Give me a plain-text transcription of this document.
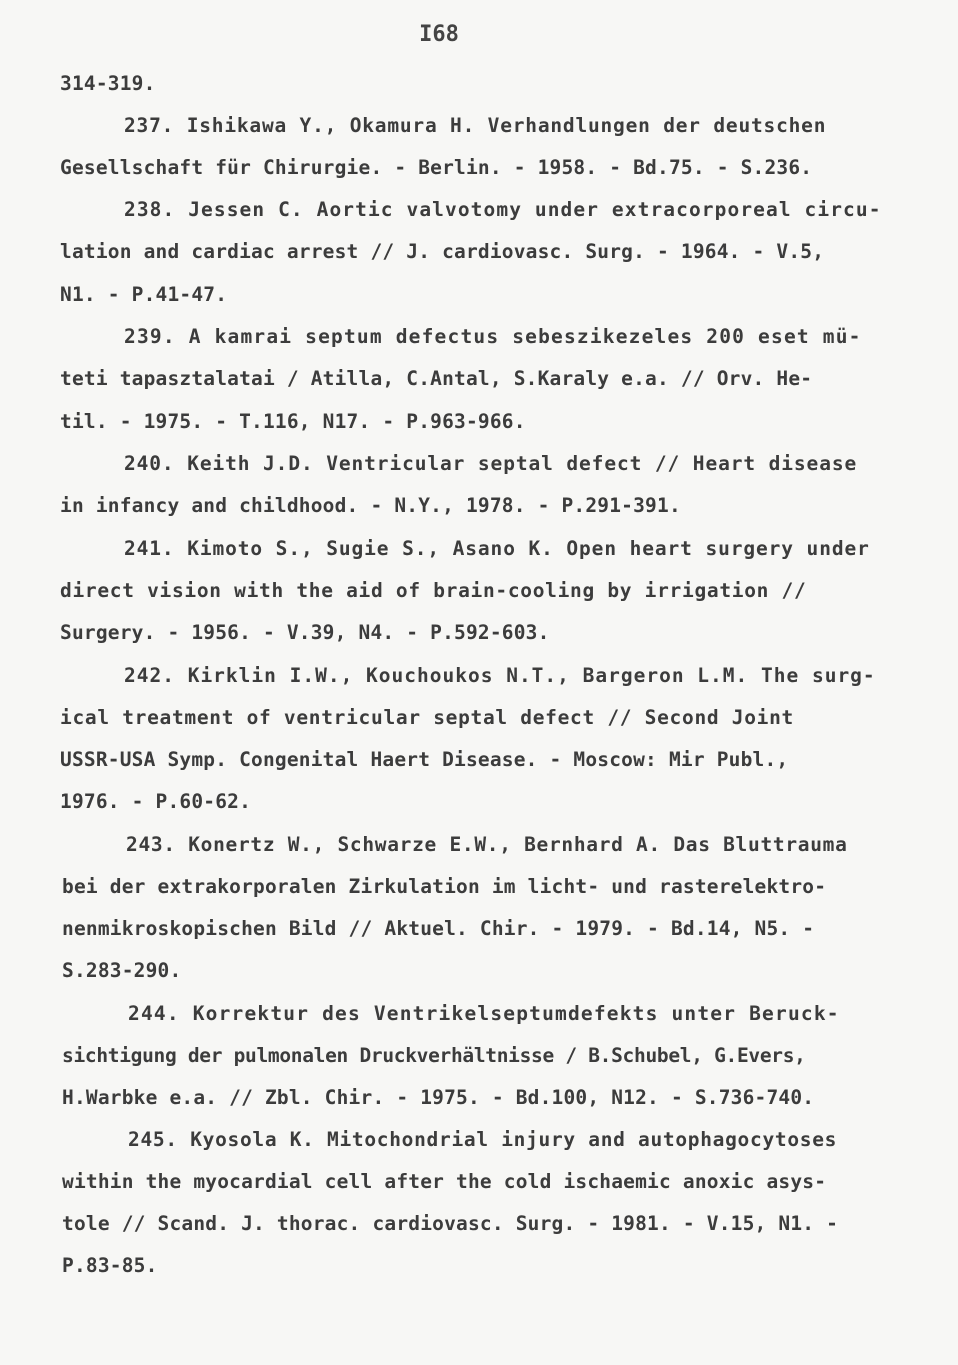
I68
314-319.
237. Ishikawa Y., Okamura H. Verhandlungen der deutschen
Gesellschaft für Chirurgie. - Berlin. - 1958. - Bd.75. - S.236.
238. Jessen C. Aortic valvotomy under extracorporeal circu-
lation and cardiac arrest // J. cardiovasc. Surg. - 1964. - V.5,
N1. - P.41-47.
239. A kamrai septum defectus sebeszikezeles 200 eset mü-
teti tapasztalatai / Atilla, C.Antal, S.Karaly e.a. // Orv. He-
til. - 1975. - T.116, N17. - P.963-966.
240. Keith J.D. Ventricular septal defect // Heart disease
in infancy and childhood. - N.Y., 1978. - P.291-391.
241. Kimoto S., Sugie S., Asano K. Open heart surgery under
direct vision with the aid of brain-cooling by irrigation //
Surgery. - 1956. - V.39, N4. - P.592-603.
242. Kirklin I.W., Kouchoukos N.T., Bargeron L.M. The surg-
ical treatment of ventricular septal defect // Second Joint
USSR-USA Symp. Congenital Haert Disease. - Moscow: Mir Publ.,
1976. - P.60-62.
243. Konertz W., Schwarze E.W., Bernhard A. Das Bluttrauma
bei der extrakorporalen Zirkulation im licht- und rasterelektro-
nenmikroskopischen Bild // Aktuel. Chir. - 1979. - Bd.14, N5. -
S.283-290.
244. Korrektur des Ventrikelseptumdefekts unter Beruck-
sichtigung der pulmonalen Druckverhältnisse / B.Schubel, G.Evers,
H.Warbke e.a. // Zbl. Chir. - 1975. - Bd.100, N12. - S.736-740.
245. Kyosola K. Mitochondrial injury and autophagocytoses
within the myocardial cell after the cold ischaemic anoxic asys-
tole // Scand. J. thorac. cardiovasc. Surg. - 1981. - V.15, N1. -
P.83-85.
